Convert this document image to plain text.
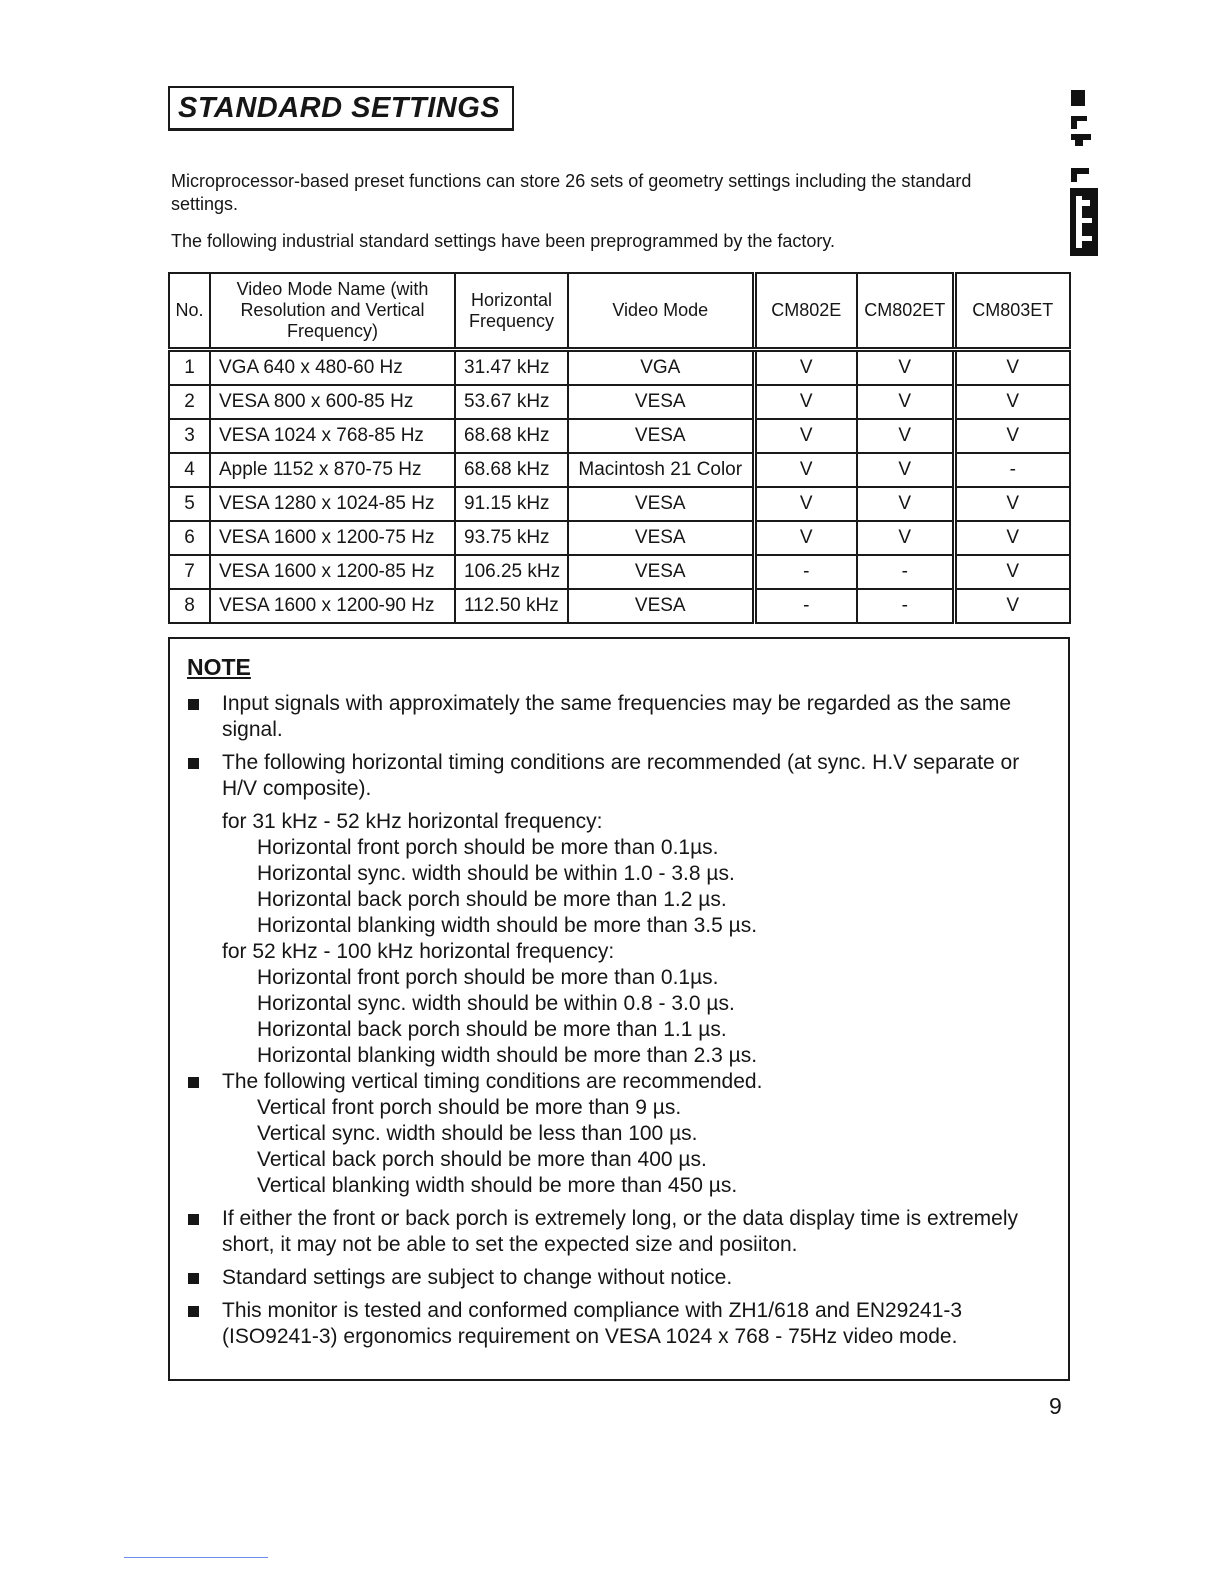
STANDARD SETTINGS

Microprocessor-based preset functions can store 26 sets of geometry settings including the standard settings.

The following industrial standard settings have been preprogrammed by the factory.

No.	Video Mode Name (with Resolution and Vertical Frequency)	Horizontal Frequency	Video Mode	CM802E	CM802ET	CM803ET
1	VGA 640 x 480-60 Hz	31.47 kHz	VGA	V	V	V
2	VESA 800 x 600-85 Hz	53.67 kHz	VESA	V	V	V
3	VESA 1024 x 768-85 Hz	68.68 kHz	VESA	V	V	V
4	Apple 1152 x 870-75 Hz	68.68 kHz	Macintosh 21 Color	V	V	-
5	VESA 1280 x 1024-85 Hz	91.15 kHz	VESA	V	V	V
6	VESA 1600 x 1200-75 Hz	93.75 kHz	VESA	V	V	V
7	VESA 1600 x 1200-85 Hz	106.25 kHz	VESA	-	-	V
8	VESA 1600 x 1200-90 Hz	112.50 kHz	VESA	-	-	V
NOTE
Input signals with approximately the same frequencies may be regarded as the same signal.
The following horizontal timing conditions are recommended (at sync. H.V separate or H/V composite).
for 31 kHz - 52 kHz horizontal frequency:
Horizontal front porch should be more than 0.1µs.
Horizontal sync. width should be within 1.0 - 3.8 µs.
Horizontal back porch should be more than 1.2 µs.
Horizontal blanking width should be more than 3.5 µs.
for 52 kHz - 100 kHz horizontal frequency:
Horizontal front porch should be more than 0.1µs.
Horizontal sync. width should be within 0.8 - 3.0 µs.
Horizontal back porch should be more than 1.1 µs.
Horizontal blanking width should be more than 2.3 µs.
The following vertical timing conditions are recommended.
Vertical front porch should be more than 9 µs.
Vertical sync. width should be less than 100 µs.
Vertical back porch should be more than 400 µs.
Vertical blanking width should be more than 450 µs.
If either the front or back porch is extremely long, or the data display time is extremely short, it may not be able to set the expected size and posiiton.
Standard settings are subject to change without notice.
This monitor is tested and conformed compliance with ZH1/618 and EN29241-3 (ISO9241-3) ergonomics requirement on VESA 1024 x 768 - 75Hz video mode.
9
